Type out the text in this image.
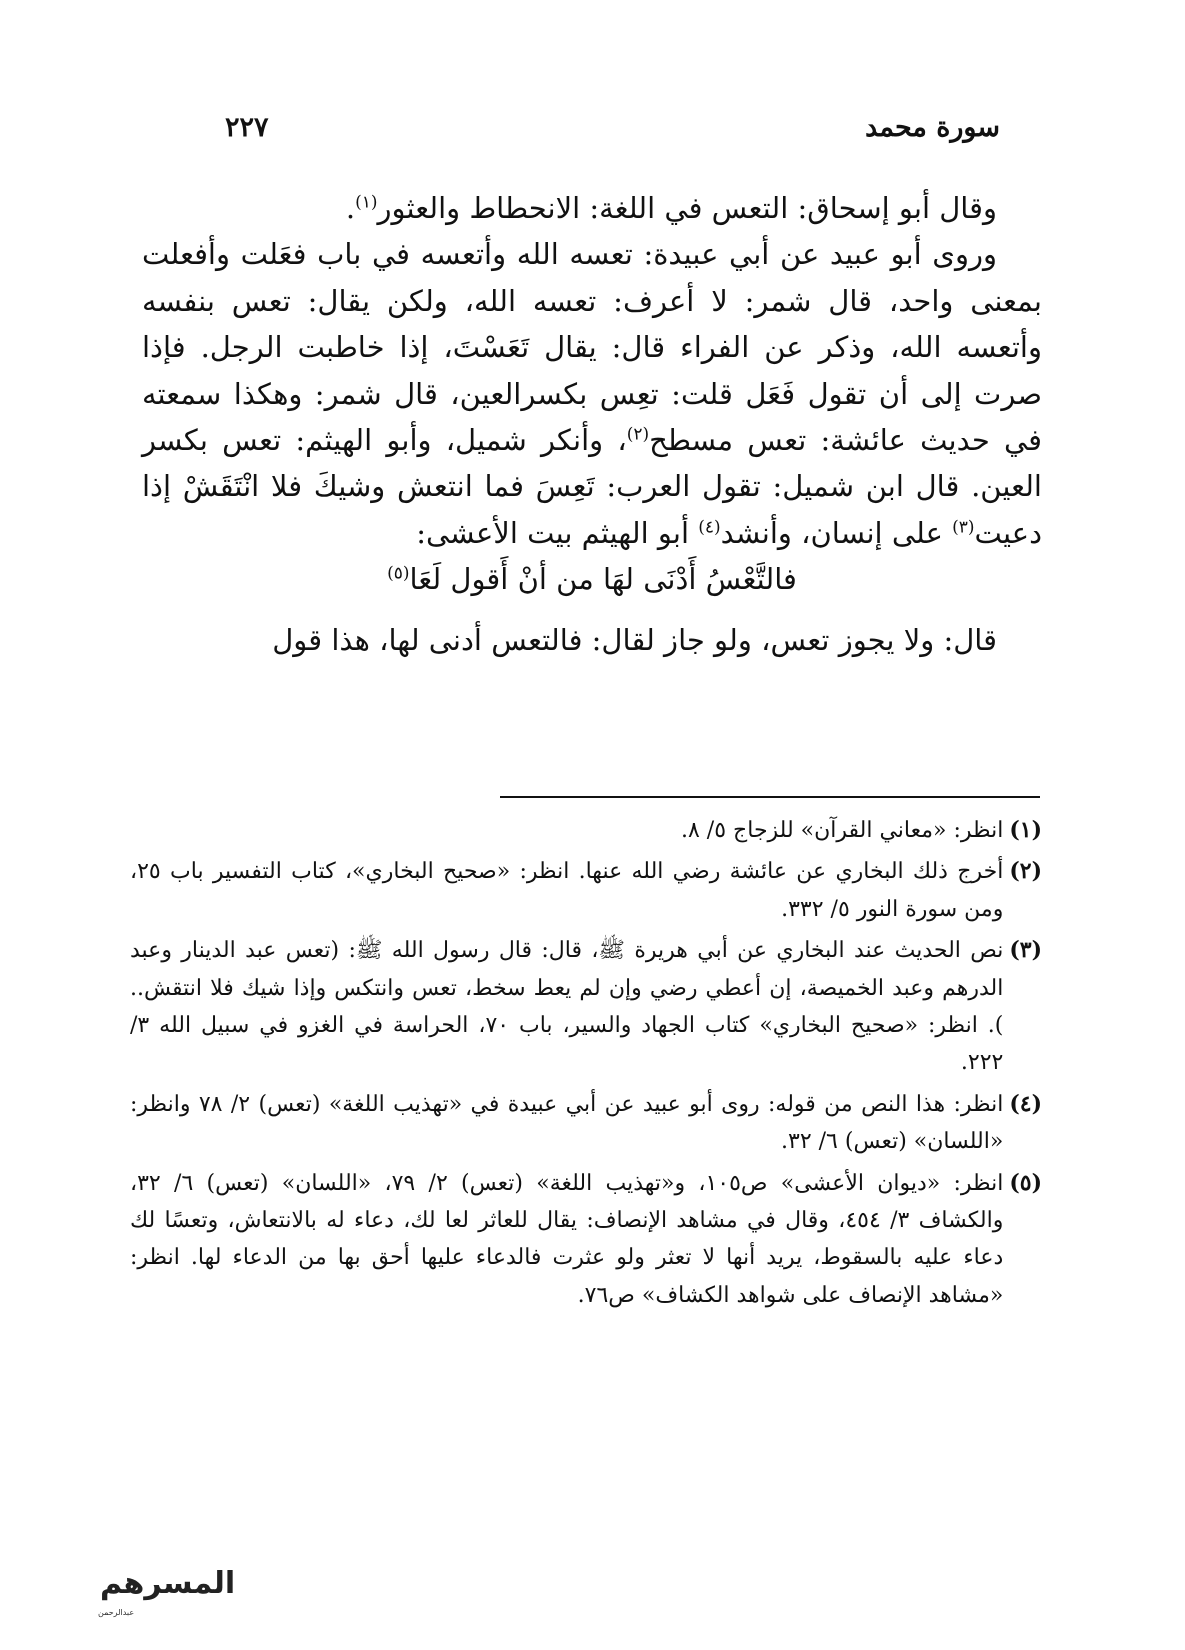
سورة محمد
٢٢٧

وقال أبو إسحاق: التعس في اللغة: الانحطاط والعثور$^{(١)}$.

وروى أبو عبيد عن أبي عبيدة: تعسه الله وأتعسه في باب فعَلت وأفعلت بمعنى واحد، قال شمر: لا أعرف: تعسه الله، ولكن يقال: تعس بنفسه وأتعسه الله، وذكر عن الفراء قال: يقال تَعَسْتَ، إذا خاطبت الرجل. فإذا صرت إلى أن تقول فَعَل قلت: تعِس بكسرالعين، قال شمر: وهكذا سمعته في حديث عائشة: تعس مسطح$^{(٢)}$، وأنكر شميل، وأبو الهيثم: تعس بكسر العين. قال ابن شميل: تقول العرب: تَعِسَ فما انتعش وشيكَ فلا انْتَقَشْ إذا دعيت$^{(٣)}$ على إنسان، وأنشد$^{(٤)}$ أبو الهيثم بيت الأعشى:

فالتَّعْسُ أَدْنَى لهَا من أنْ أَقول لَعَا$^{(٥)}$

قال: ولا يجوز تعس، ولو جاز لقال: فالتعس أدنى لها، هذا قول

(١)
انظر: «معاني القرآن» للزجاج ٥/ ٨.
(٢)
أخرج ذلك البخاري عن عائشة رضي الله عنها. انظر: «صحيح البخاري»، كتاب التفسير باب ٢٥، ومن سورة النور ٥/ ٣٣٢.
(٣)
نص الحديث عند البخاري عن أبي هريرة ﷺ، قال: قال رسول الله ﷺ: (تعس عبد الدينار وعبد الدرهم وعبد الخميصة، إن أعطي رضي وإن لم يعط سخط، تعس وانتكس وإذا شيك فلا انتقش.. ). انظر: «صحيح البخاري» كتاب الجهاد والسير، باب ٧٠، الحراسة في الغزو في سبيل الله ٣/ ٢٢٢.
(٤)
انظر: هذا النص من قوله: روى أبو عبيد عن أبي عبيدة في «تهذيب اللغة» (تعس) ٢/ ٧٨ وانظر: «اللسان» (تعس) ٦/ ٣٢.
(٥)
انظر: «ديوان الأعشى» ص١٠٥، و«تهذيب اللغة» (تعس) ٢/ ٧٩، «اللسان» (تعس) ٦/ ٣٢، والكشاف ٣/ ٤٥٤، وقال في مشاهد الإنصاف: يقال للعاثر لعا لك، دعاء له بالانتعاش، وتعسًا لك دعاء عليه بالسقوط، يريد أنها لا تعثر ولو عثرت فالدعاء عليها أحق بها من الدعاء لها. انظر: «مشاهد الإنصاف على شواهد الكشاف» ص٧٦.
المسرهم
عبدالرحمن
